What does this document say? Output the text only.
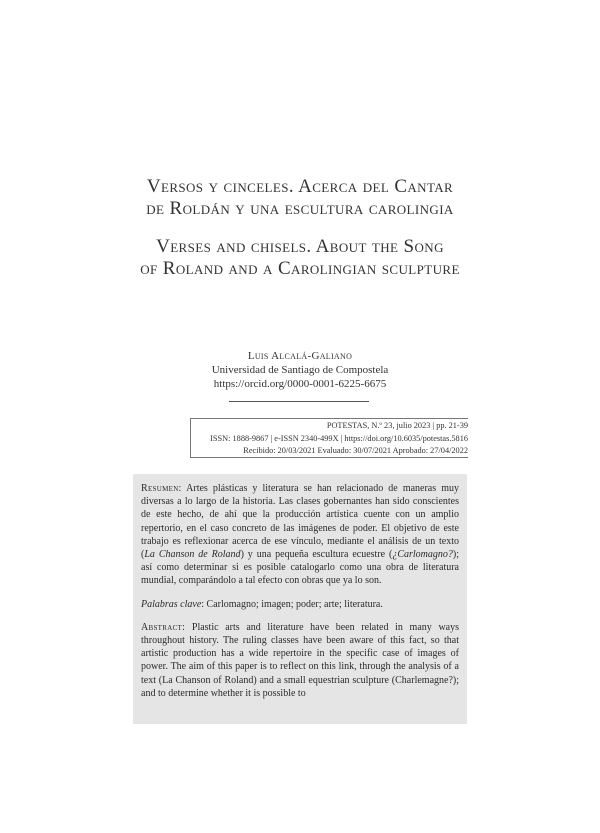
Versos y cinceles. Acerca del Cantar
de Roldán y una escultura carolingia
Verses and chisels. About the Song
of Roland and a Carolingian sculpture
Luis Alcalá-Galiano
Universidad de Santiago de Compostela
https://orcid.org/0000-0001-6225-6675
POTESTAS, N.º 23, julio 2023 | pp. 21-39
ISSN: 1888-9867 | e-ISSN 2340-499X | https://doi.org/10.6035/potestas.5816
Recibido: 20/03/2021 Evaluado: 30/07/2021 Aprobado: 27/04/2022

Resumen: Artes plásticas y literatura se han relacionado de maneras muy diversas a lo largo de la historia. Las clases gobernantes han sido conscientes de este hecho, de ahí que la producción artística cuente con un amplio repertorio, en el caso concreto de las imágenes de poder. El objetivo de este trabajo es reflexionar acerca de ese vínculo, mediante el análisis de un texto (La Chanson de Roland) y una pequeña escultura ecuestre (¿Carlomagno?); así como determinar si es posible catalogarlo como una obra de literatura mundial, comparándolo a tal efecto con obras que ya lo son.

Palabras clave: Carlomagno; imagen; poder; arte; literatura.

Abstract: Plastic arts and literature have been related in many ways throughout history. The ruling classes have been aware of this fact, so that artistic production has a wide repertoire in the specific case of images of power. The aim of this paper is to reflect on this link, through the analysis of a text (La Chanson of Roland) and a small equestrian sculpture (Charlemagne?); and to determine whether it is possible to
